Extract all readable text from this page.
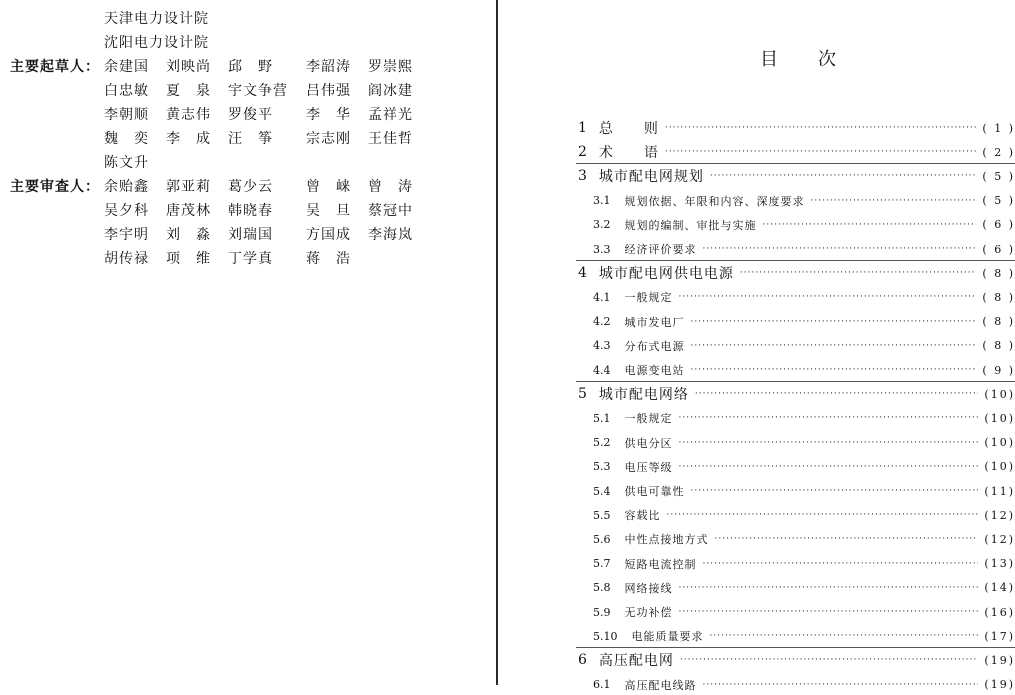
天津电力设计院
沈阳电力设计院
主要起草人： 余建国 刘映尚 邱　野 李韶涛 罗崇熙
白忠敏 夏　泉 宇文争营 吕伟强 阎冰建
李朝顺 黄志伟 罗俊平 李　华 孟祥光
魏　奕 李　成 汪　筝 宗志刚 王佳哲
陈文升
主要审查人： 余贻鑫 郭亚莉 葛少云 曾　崃 曾　涛
吴夕科 唐茂林 韩晓春 吴　旦 蔡冠中
李宇明 刘　淼 刘瑞国 方国成 李海岚
胡传禄 项　维 丁学真 蒋　浩
目 次
1 总　　则 ·····	( 1 )
2 术　　语 ·····	( 2 )
3 城市配电网规划 ·····	( 5 )
3.1 规划依据、年限和内容、深度要求 ·····	( 5 )
3.2 规划的编制、审批与实施 ·····	( 6 )
3.3 经济评价要求 ·····	( 6 )
4 城市配电网供电电源 ·····	( 8 )
4.1 一般规定 ·····	( 8 )
4.2 城市发电厂 ·····	( 8 )
4.3 分布式电源 ·····	( 8 )
4.4 电源变电站 ·····	( 9 )
5 城市配电网络 ·····	(10)
5.1 一般规定 ·····	(10)
5.2 供电分区 ·····	(10)
5.3 电压等级 ·····	(10)
5.4 供电可靠性 ·····	(11)
5.5 容载比 ·····	(12)
5.6 中性点接地方式 ·····	(12)
5.7 短路电流控制 ·····	(13)
5.8 网络接线 ·····	(14)
5.9 无功补偿 ·····	(16)
5.10 电能质量要求 ·····	(17)
6 高压配电网 ·····	(19)
6.1 高压配电线路 ·····	(19)
